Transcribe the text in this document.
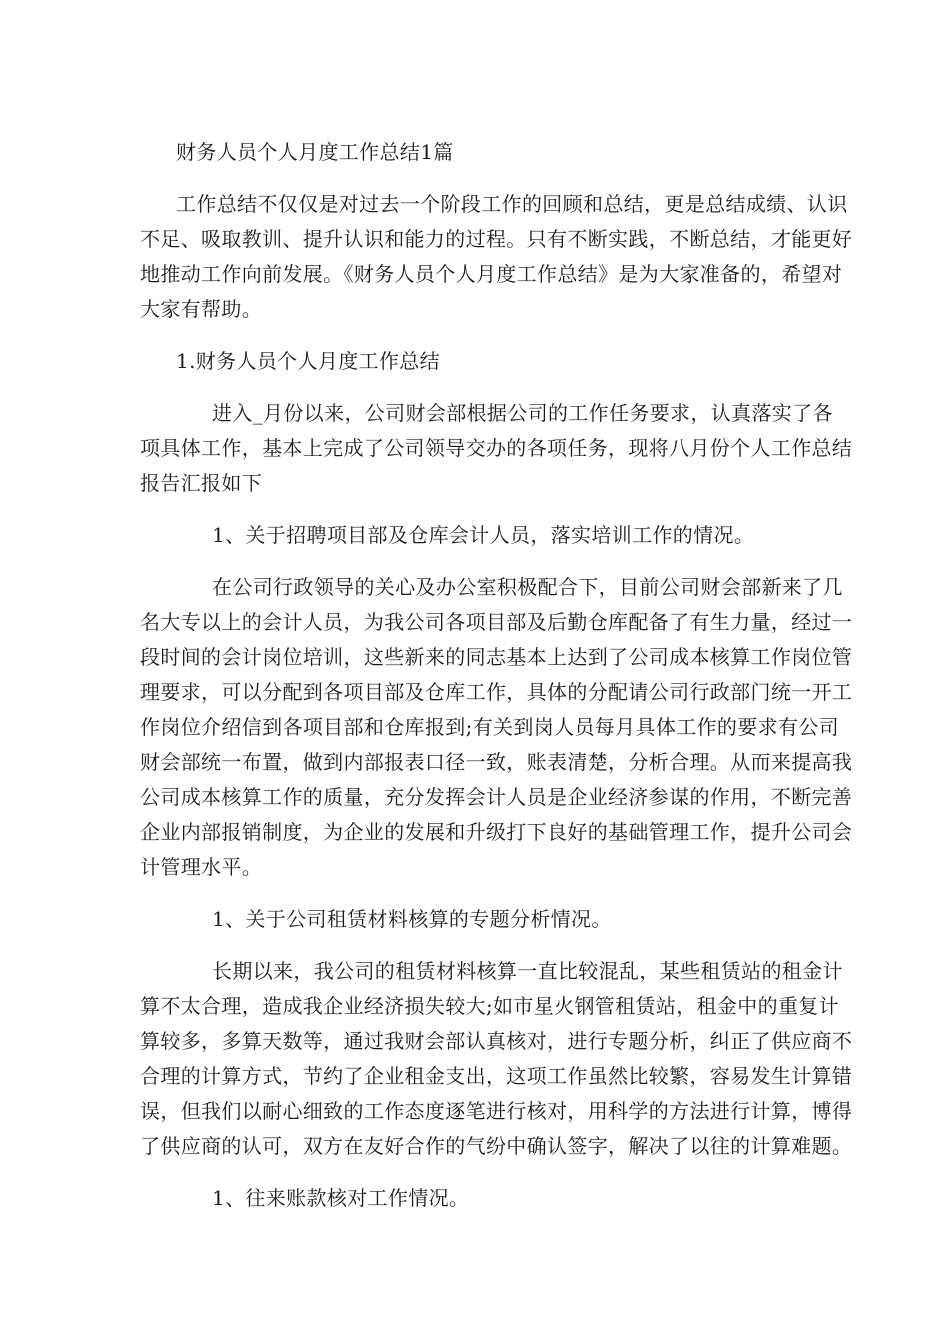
财务人员个人月度工作总结1篇
工作总结不仅仅是对过去一个阶段工作的回顾和总结，更是总结成绩、认识
不足、吸取教训、提升认识和能力的过程。只有不断实践，不断总结，才能更好
地推动工作向前发展。《财务人员个人月度工作总结》是为大家准备的，希望对
大家有帮助。
1.财务人员个人月度工作总结
进入_月份以来，公司财会部根据公司的工作任务要求，认真落实了各
项具体工作，基本上完成了公司领导交办的各项任务，现将八月份个人工作总结
报告汇报如下
1、关于招聘项目部及仓库会计人员，落实培训工作的情况。
在公司行政领导的关心及办公室积极配合下，目前公司财会部新来了几
名大专以上的会计人员，为我公司各项目部及后勤仓库配备了有生力量，经过一
段时间的会计岗位培训，这些新来的同志基本上达到了公司成本核算工作岗位管
理要求，可以分配到各项目部及仓库工作，具体的分配请公司行政部门统一开工
作岗位介绍信到各项目部和仓库报到;有关到岗人员每月具体工作的要求有公司
财会部统一布置，做到内部报表口径一致，账表清楚，分析合理。从而来提高我
公司成本核算工作的质量，充分发挥会计人员是企业经济参谋的作用，不断完善
企业内部报销制度，为企业的发展和升级打下良好的基础管理工作，提升公司会
计管理水平。
1、关于公司租赁材料核算的专题分析情况。
长期以来，我公司的租赁材料核算一直比较混乱，某些租赁站的租金计
算不太合理，造成我企业经济损失较大;如市星火钢管租赁站，租金中的重复计
算较多，多算天数等，通过我财会部认真核对，进行专题分析，纠正了供应商不
合理的计算方式，节约了企业租金支出，这项工作虽然比较繁，容易发生计算错
误，但我们以耐心细致的工作态度逐笔进行核对，用科学的方法进行计算，博得
了供应商的认可，双方在友好合作的气纷中确认签字，解决了以往的计算难题。
1、往来账款核对工作情况。
